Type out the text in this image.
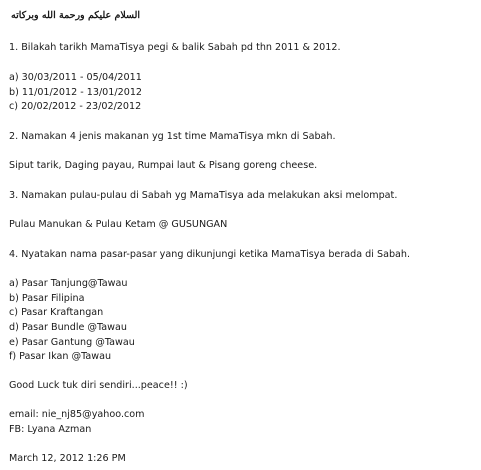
السلام عليكم ورحمة الله وبركاته
1. Bilakah tarikh MamaTisya pegi & balik Sabah pd thn 2011 & 2012.
a) 30/03/2011 - 05/04/2011
b) 11/01/2012 - 13/01/2012
c) 20/02/2012 - 23/02/2012
2. Namakan 4 jenis makanan yg 1st time MamaTisya mkn di Sabah.
Siput tarik, Daging payau, Rumpai laut & Pisang goreng cheese.
3. Namakan pulau-pulau di Sabah yg MamaTisya ada melakukan aksi melompat.
Pulau Manukan & Pulau Ketam @ GUSUNGAN
4. Nyatakan nama pasar-pasar yang dikunjungi ketika MamaTisya berada di Sabah.
a) Pasar Tanjung@Tawau
b) Pasar Filipina
c) Pasar Kraftangan
d) Pasar Bundle @Tawau
e) Pasar Gantung @Tawau
f) Pasar Ikan @Tawau
Good Luck tuk diri sendiri...peace!! :)
email: nie_nj85@yahoo.com
FB: Lyana Azman
March 12, 2012 1:26 PM
